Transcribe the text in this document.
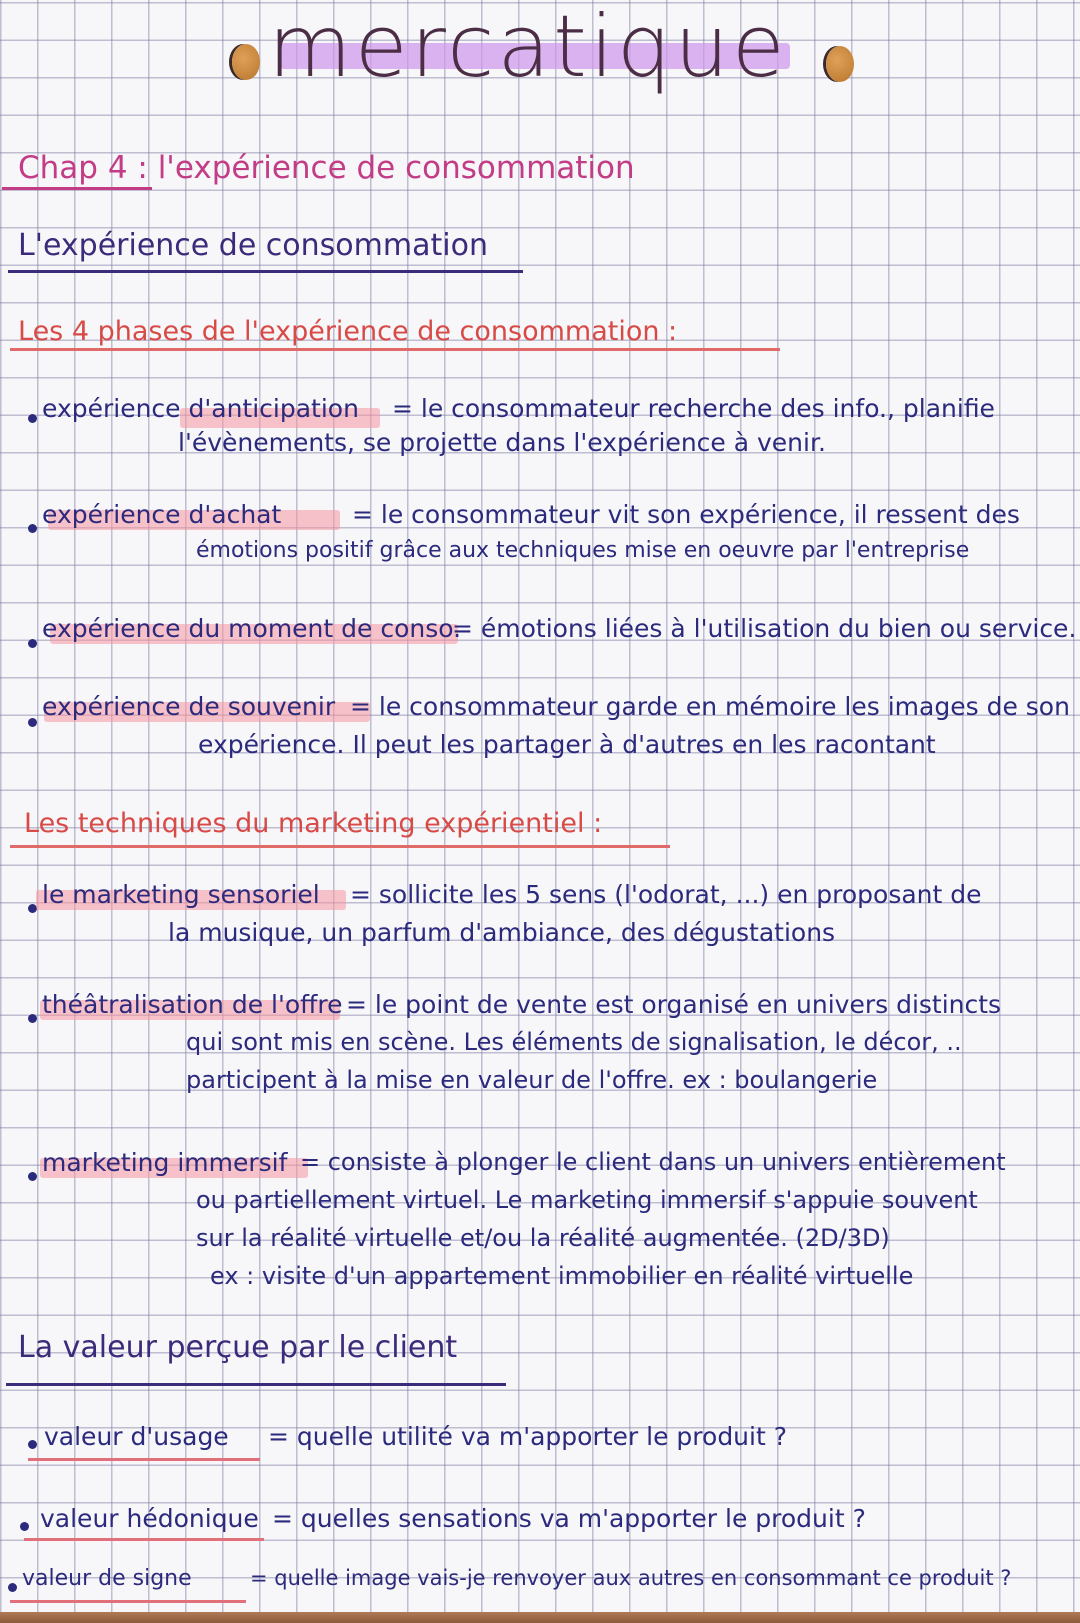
mercatique
Chap 4 : l'expérience de consommation
L'expérience de consommation
Les 4 phases de l'expérience de consommation :
expérience d'anticipation = le consommateur recherche des info., planifie
l'évènements, se projette dans l'expérience à venir.
expérience d'achat	= le consommateur vit son expérience, il ressent des
émotions positif grâce aux techniques mise en oeuvre par l'entreprise
expérience du moment de conso.
= émotions liées à l'utilisation du bien ou service.
expérience de souvenir = le consommateur garde en mémoire les images de son
expérience. Il peut les partager à d'autres en les racontant
Les techniques du marketing expérientiel :
le marketing sensoriel = sollicite les 5 sens (l'odorat, ...) en proposant de
la musique, un parfum d'ambiance, des dégustations
théâtralisation de l'offre = le point de vente est organisé en univers distincts
qui sont mis en scène. Les éléments de signalisation, le décor, ..
participent à la mise en valeur de l'offre. ex : boulangerie
marketing immersif = consiste à plonger le client dans un univers entièrement
ou partiellement virtuel. Le marketing immersif s'appuie souvent
sur la réalité virtuelle et/ou la réalité augmentée. (2D/3D)
ex : visite d'un appartement immobilier en réalité virtuelle
La valeur perçue par le client
valeur d'usage = quelle utilité va m'apporter le produit ?
valeur hédonique = quelles sensations va m'apporter le produit ?
valeur de signe	= quelle image vais-je renvoyer aux autres en consommant ce produit ?
